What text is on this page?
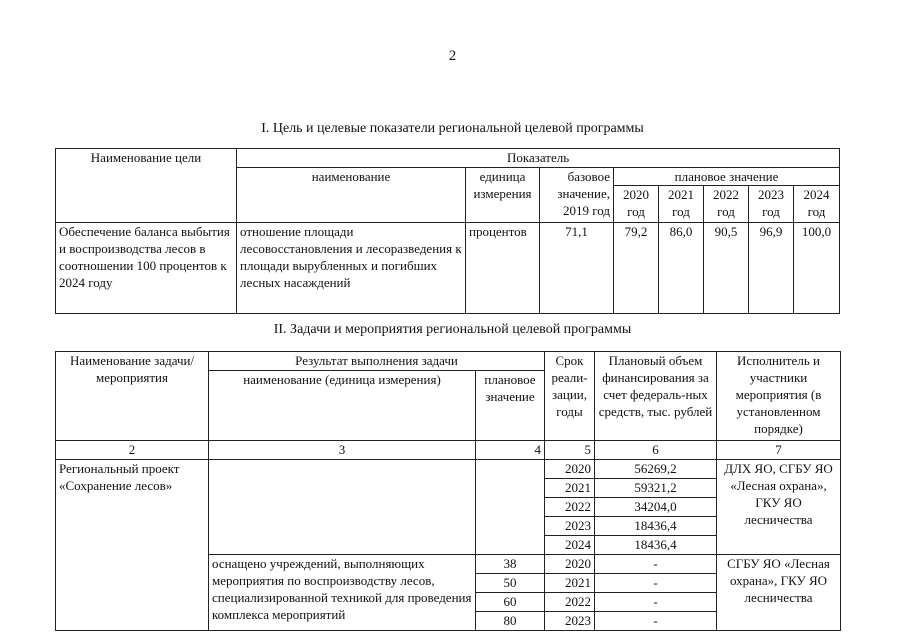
2
I. Цель и целевые показатели региональной целевой программы
Наименование цели	Показатель							
	наименование	единица измерения	базовое значение, 2019 год	плановое значение				
				2020 год	2021 год	2022 год	2023 год	2024 год
Обеспечение баланса выбытия и воспроизводства лесов в соотношении 100 процентов к 2024 году	отношение площади лесовосстановления и лесоразведения к площади вырубленных и погибших лесных насаждений	процентов	71,1	79,2	86,0	90,5	96,9	100,0
II. Задачи и мероприятия региональной целевой программы
Наименование задачи/мероприятия	Результат выполнения задачи		Срок реали-зации, годы	Плановый объем финансирования за счет федераль-ных средств, тыс. рублей	Исполнитель и участники мероприятия (в установленном порядке)
	наименование (единица измерения)	плановое значение			
2	3	4	5	6	7
Региональный проект «Сохранение лесов»			2020	56269,2	ДЛХ ЯО, СГБУ ЯО «Лесная охрана», ГКУ ЯО лесничества
			2021	59321,2	
			2022	34204,0	
			2023	18436,4	
			2024	18436,4	
	оснащено учреждений, выполняющих мероприятия по воспроизводству лесов, специализированной техникой для проведения комплекса мероприятий	38	2020	-	СГБУ ЯО «Лесная охрана», ГКУ ЯО лесничества
		50	2021	-	
		60	2022	-	
		80	2023	-	
